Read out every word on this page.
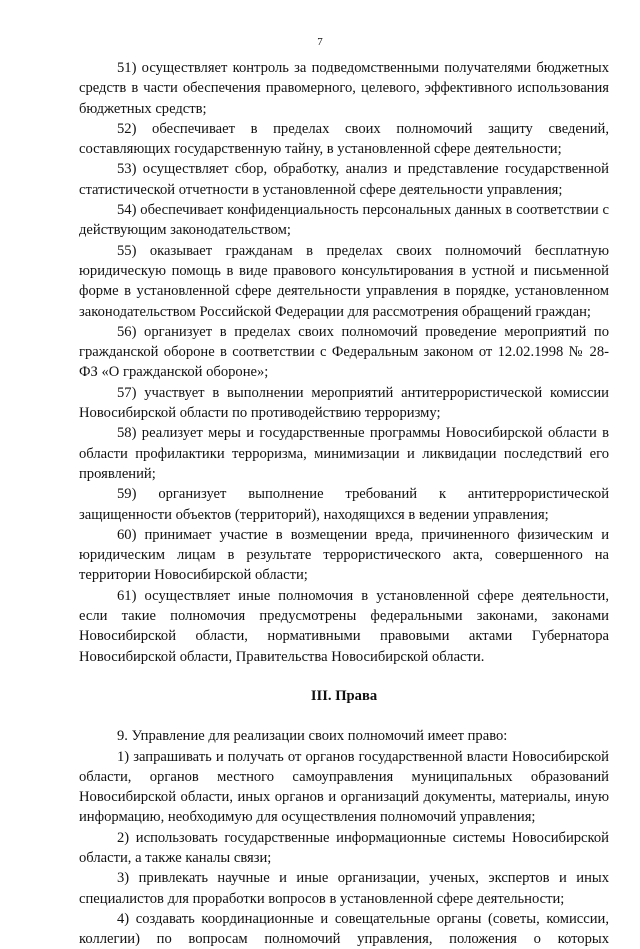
7

51) осуществляет контроль за подведомственными получателями бюджетных средств в части обеспечения правомерного, целевого, эффективного использования бюджетных средств;

52) обеспечивает в пределах своих полномочий защиту сведений, составляющих государственную тайну, в установленной сфере деятельности;

53) осуществляет сбор, обработку, анализ и представление государственной статистической отчетности в установленной сфере деятельности управления;

54) обеспечивает конфиденциальность персональных данных в соответствии с действующим законодательством;

55) оказывает гражданам в пределах своих полномочий бесплатную юридическую помощь в виде правового консультирования в устной и письменной форме в установленной сфере деятельности управления в порядке, установленном законодательством Российской Федерации для рассмотрения обращений граждан;

56) организует в пределах своих полномочий проведение мероприятий по гражданской обороне в соответствии с Федеральным законом от 12.02.1998 № 28-ФЗ «О гражданской обороне»;

57) участвует в выполнении мероприятий антитеррористической комиссии Новосибирской области по противодействию терроризму;

58) реализует меры и государственные программы Новосибирской области в области профилактики терроризма, минимизации и ликвидации последствий его проявлений;

59) организует выполнение требований к антитеррористической защищенности объектов (территорий), находящихся в ведении управления;

60) принимает участие в возмещении вреда, причиненного физическим и юридическим лицам в результате террористического акта, совершенного на территории Новосибирской области;

61) осуществляет иные полномочия в установленной сфере деятельности, если такие полномочия предусмотрены федеральными законами, законами Новосибирской области, нормативными правовыми актами Губернатора Новосибирской области, Правительства Новосибирской области.

III. Права

9. Управление для реализации своих полномочий имеет право:

1) запрашивать и получать от органов государственной власти Новосибирской области, органов местного самоуправления муниципальных образований Новосибирской области, иных органов и организаций документы, материалы, иную информацию, необходимую для осуществления полномочий управления;

2) использовать государственные информационные системы Новосибирской области, а также каналы связи;

3) привлекать научные и иные организации, ученых, экспертов и иных специалистов для проработки вопросов в установленной сфере деятельности;

4) создавать координационные и совещательные органы (советы, комиссии, коллегии) по вопросам полномочий управления, положения о которых
